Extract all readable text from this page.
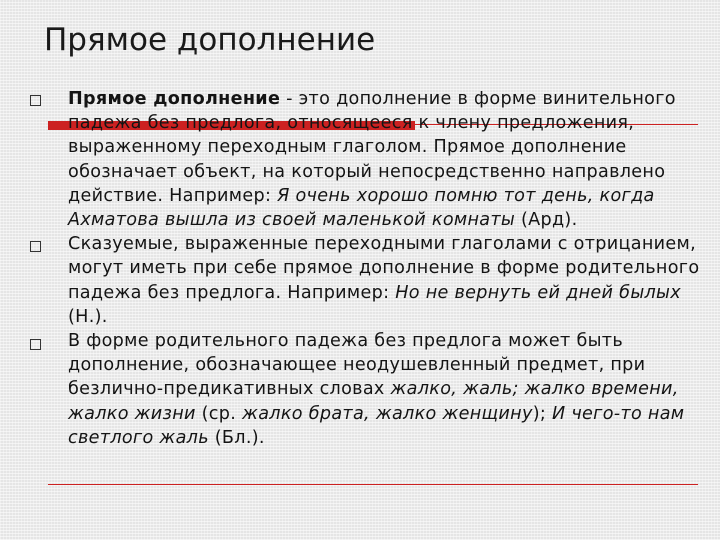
Прямое дополнение
Прямое дополнение - это дополнение в форме винительного падежа без предлога, относящееся к члену предложения, выраженному переходным глаголом. Прямое дополнение обозначает объект, на который непосредственно направлено действие. Например: Я очень хорошо помню тот день, когда Ахматова вышла из своей маленькой комнаты (Ард).
Сказуемые, выраженные переходными глаголами с отрицанием, могут иметь при себе прямое дополнение в форме родительного падежа без предлога. Например: Но не вернуть ей дней былых (Н.).
В форме родительного падежа без предлога может быть дополнение, обозначающее неодушевленный предмет, при безлично-предикативных словах жалко, жаль; жалко времени, жалко жизни (ср. жалко брата, жалко женщину); И чего-то нам светлого жаль (Бл.).
